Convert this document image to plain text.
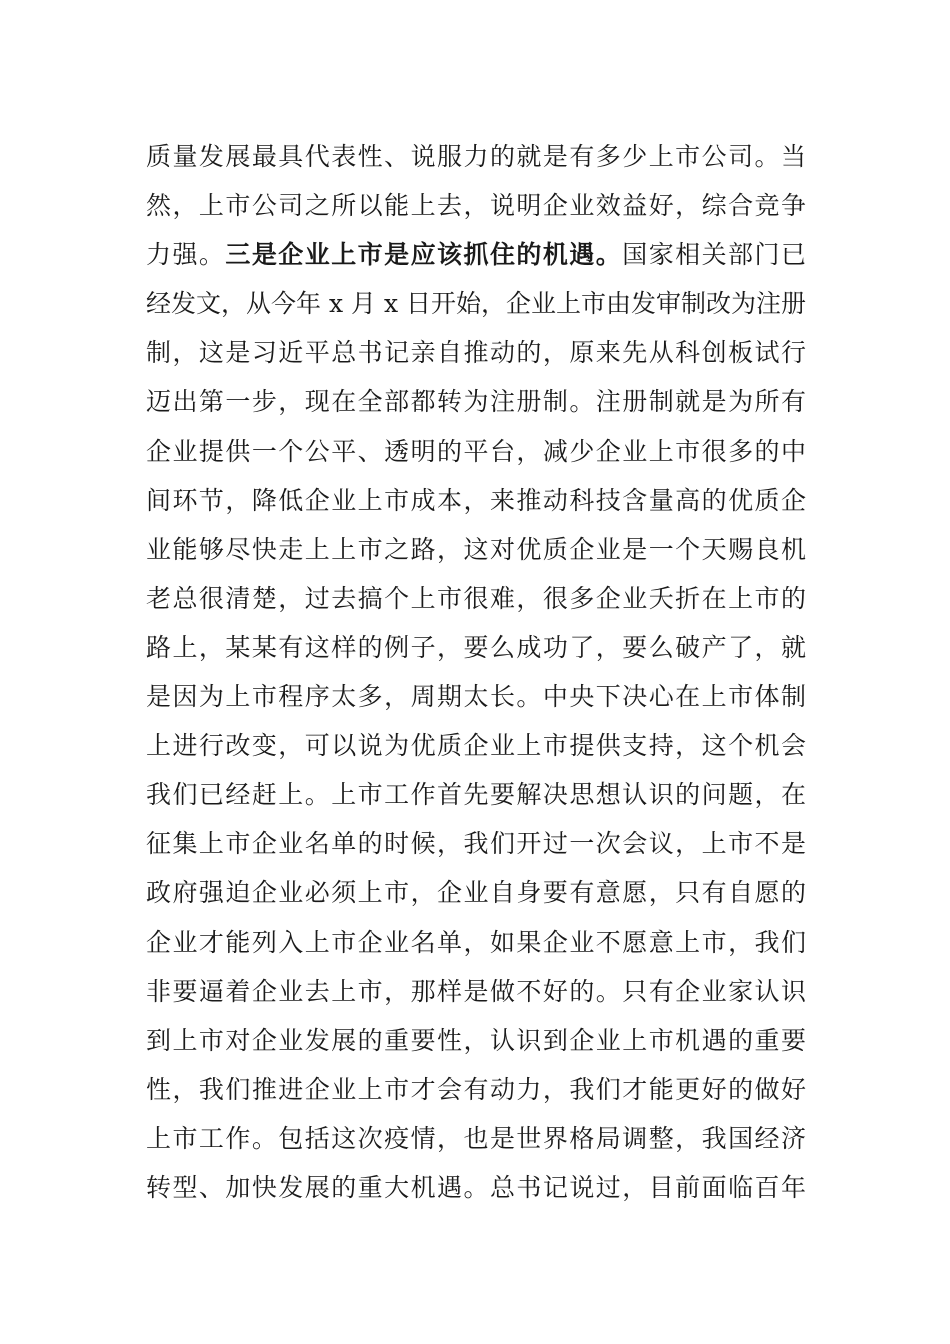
质量发展最具代表性、说服力的就是有多少上市公司。当
然，上市公司之所以能上去，说明企业效益好，综合竞争
力强。三是企业上市是应该抓住的机遇。国家相关部门已
经发文，从今年 x 月 x 日开始，企业上市由发审制改为注册
制，这是习近平总书记亲自推动的，原来先从科创板试行
迈出第一步，现在全部都转为注册制。注册制就是为所有
企业提供一个公平、透明的平台，减少企业上市很多的中
间环节，降低企业上市成本，来推动科技含量高的优质企
业能够尽快走上上市之路，这对优质企业是一个天赐良机
老总很清楚，过去搞个上市很难，很多企业夭折在上市的
路上，某某有这样的例子，要么成功了，要么破产了，就
是因为上市程序太多，周期太长。中央下决心在上市体制
上进行改变，可以说为优质企业上市提供支持，这个机会
我们已经赶上。上市工作首先要解决思想认识的问题，在
征集上市企业名单的时候，我们开过一次会议，上市不是
政府强迫企业必须上市，企业自身要有意愿，只有自愿的
企业才能列入上市企业名单，如果企业不愿意上市，我们
非要逼着企业去上市，那样是做不好的。只有企业家认识
到上市对企业发展的重要性，认识到企业上市机遇的重要
性，我们推进企业上市才会有动力，我们才能更好的做好
上市工作。包括这次疫情，也是世界格局调整，我国经济
转型、加快发展的重大机遇。总书记说过，目前面临百年
